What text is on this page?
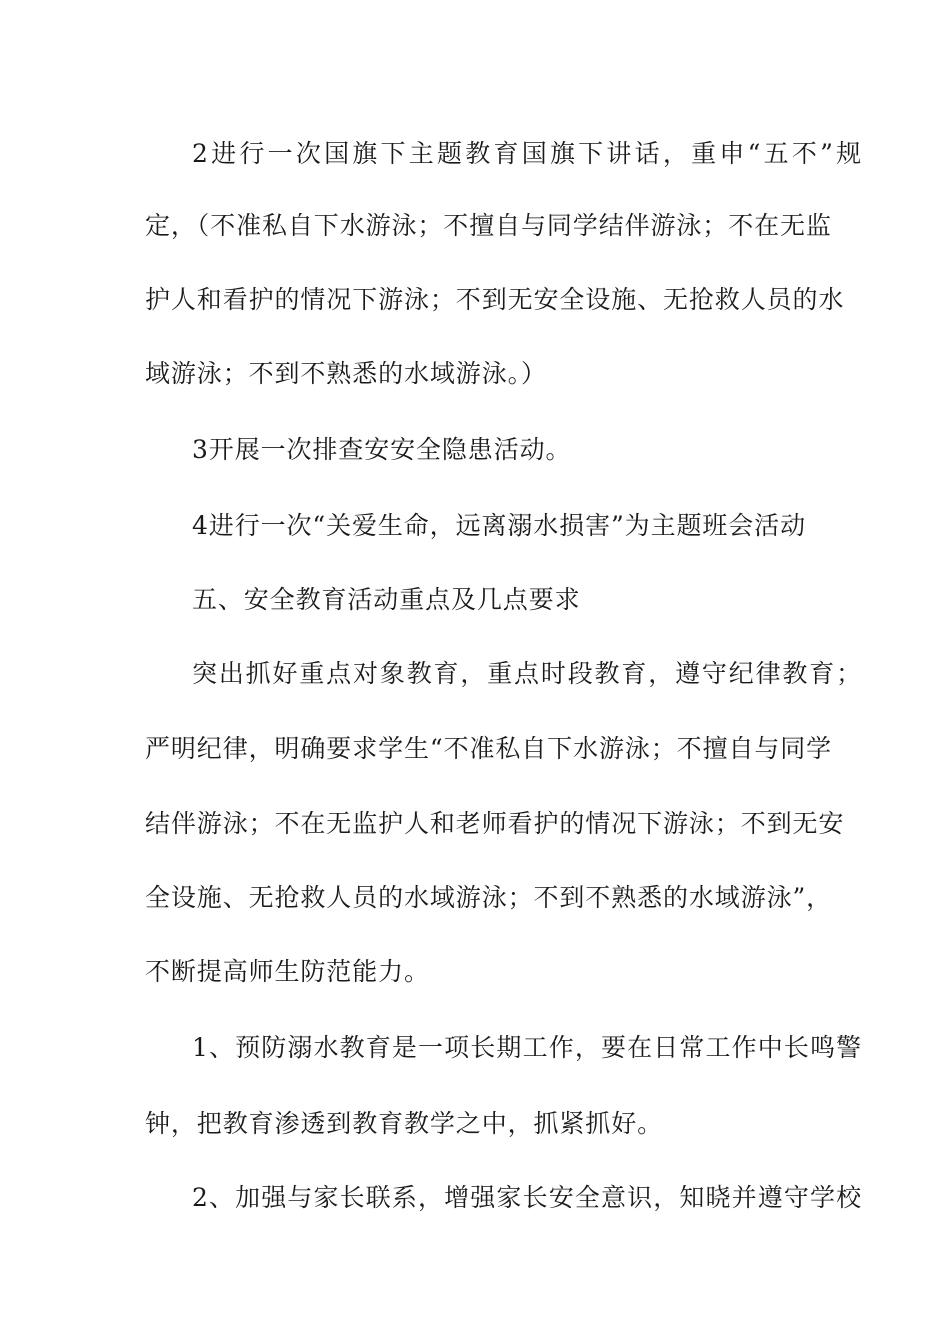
2进行一次国旗下主题教育国旗下讲话，重申“五不”规
定，（不准私自下水游泳；不擅自与同学结伴游泳；不在无监
护人和看护的情况下游泳；不到无安全设施、无抢救人员的水
域游泳；不到不熟悉的水域游泳。）
3开展一次排查安安全隐患活动。
4进行一次“关爱生命，远离溺水损害”为主题班会活动
五、安全教育活动重点及几点要求
突出抓好重点对象教育，重点时段教育，遵守纪律教育；
严明纪律，明确要求学生“不准私自下水游泳；不擅自与同学
结伴游泳；不在无监护人和老师看护的情况下游泳；不到无安
全设施、无抢救人员的水域游泳；不到不熟悉的水域游泳”，
不断提高师生防范能力。
1、预防溺水教育是一项长期工作，要在日常工作中长鸣警
钟，把教育渗透到教育教学之中，抓紧抓好。
2、加强与家长联系，增强家长安全意识，知晓并遵守学校
